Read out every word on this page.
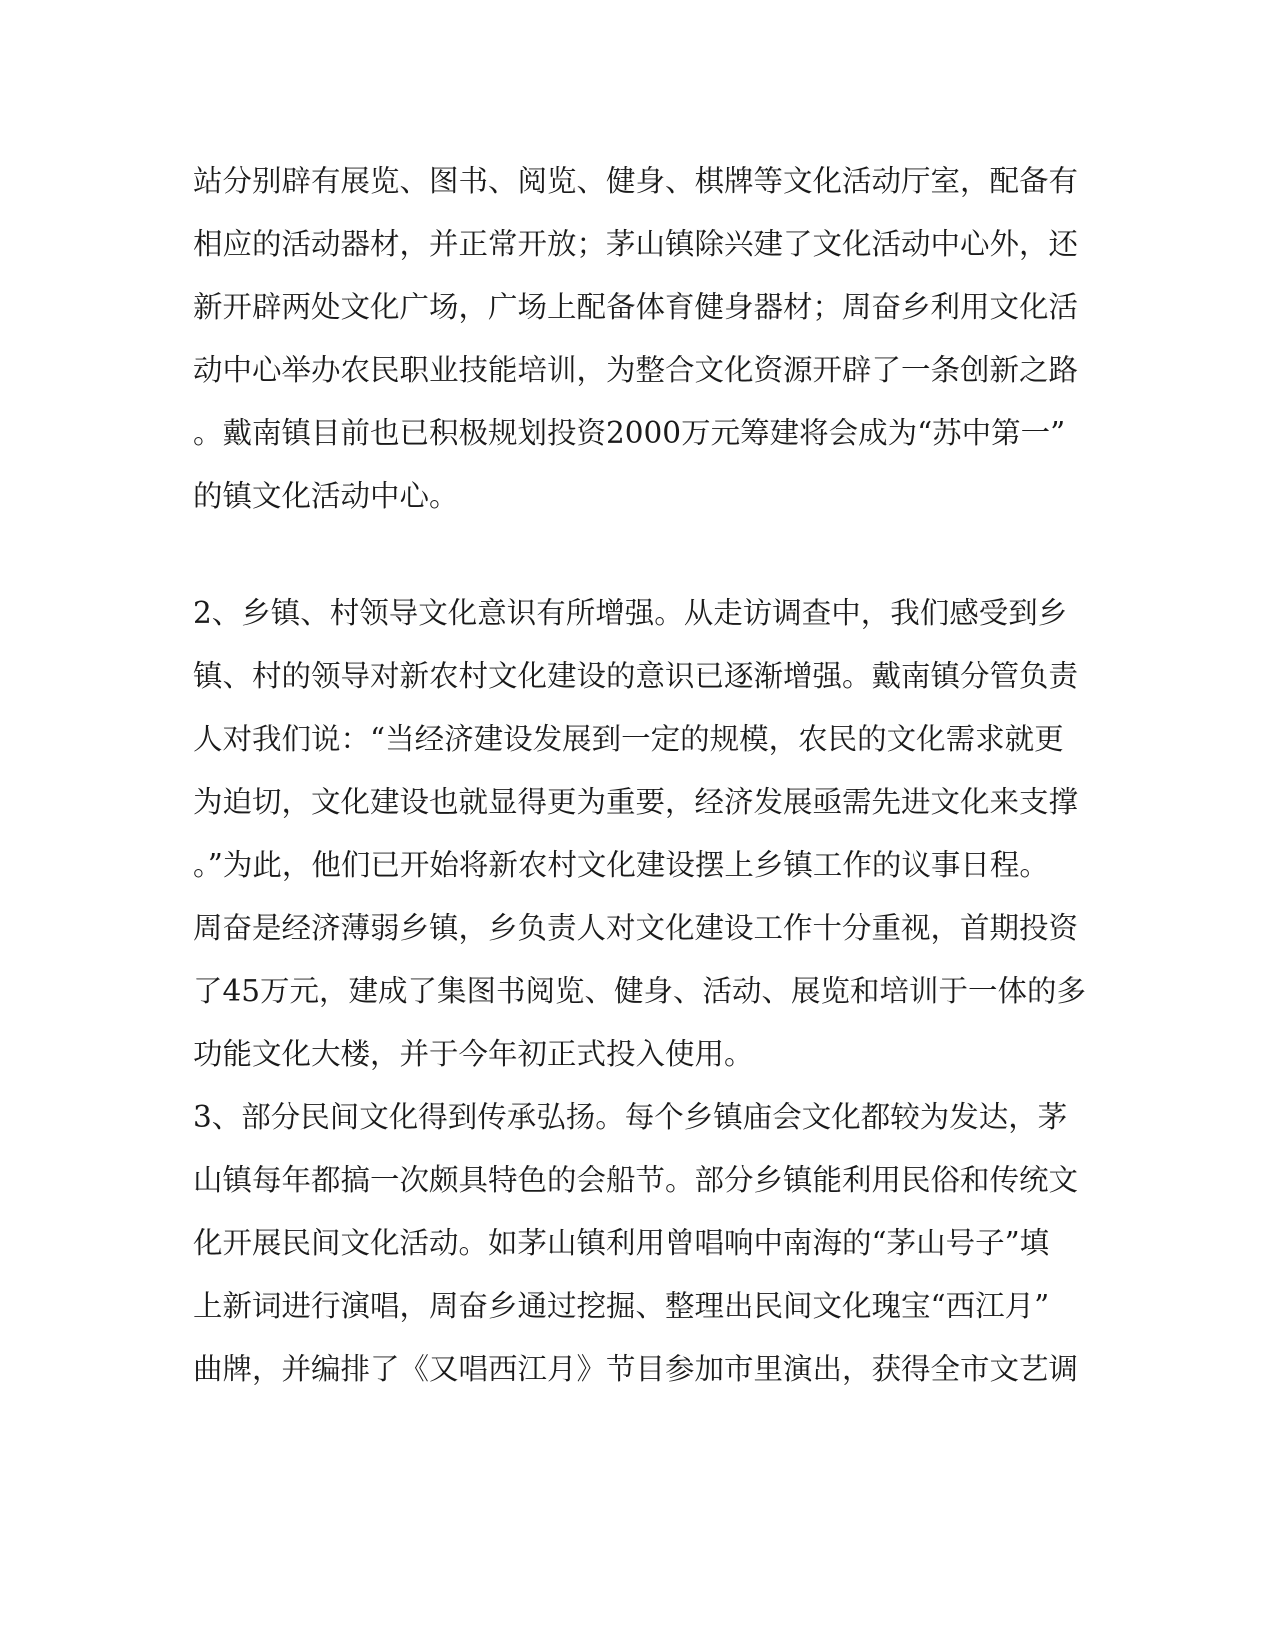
站分别辟有展览、图书、阅览、健身、棋牌等文化活动厅室，配备有
相应的活动器材，并正常开放；茅山镇除兴建了文化活动中心外，还
新开辟两处文化广场，广场上配备体育健身器材；周奋乡利用文化活
动中心举办农民职业技能培训，为整合文化资源开辟了一条创新之路
。戴南镇目前也已积极规划投资2000万元筹建将会成为“苏中第一”
的镇文化活动中心。
2、乡镇、村领导文化意识有所增强。从走访调查中，我们感受到乡
镇、村的领导对新农村文化建设的意识已逐渐增强。戴南镇分管负责
人对我们说：“当经济建设发展到一定的规模，农民的文化需求就更
为迫切，文化建设也就显得更为重要，经济发展亟需先进文化来支撑
。”为此，他们已开始将新农村文化建设摆上乡镇工作的议事日程。
周奋是经济薄弱乡镇，乡负责人对文化建设工作十分重视，首期投资
了45万元，建成了集图书阅览、健身、活动、展览和培训于一体的多
功能文化大楼，并于今年初正式投入使用。
3、部分民间文化得到传承弘扬。每个乡镇庙会文化都较为发达，茅
山镇每年都搞一次颇具特色的会船节。部分乡镇能利用民俗和传统文
化开展民间文化活动。如茅山镇利用曾唱响中南海的“茅山号子”填
上新词进行演唱，周奋乡通过挖掘、整理出民间文化瑰宝“西江月”
曲牌，并编排了《又唱西江月》节目参加市里演出，获得全市文艺调
